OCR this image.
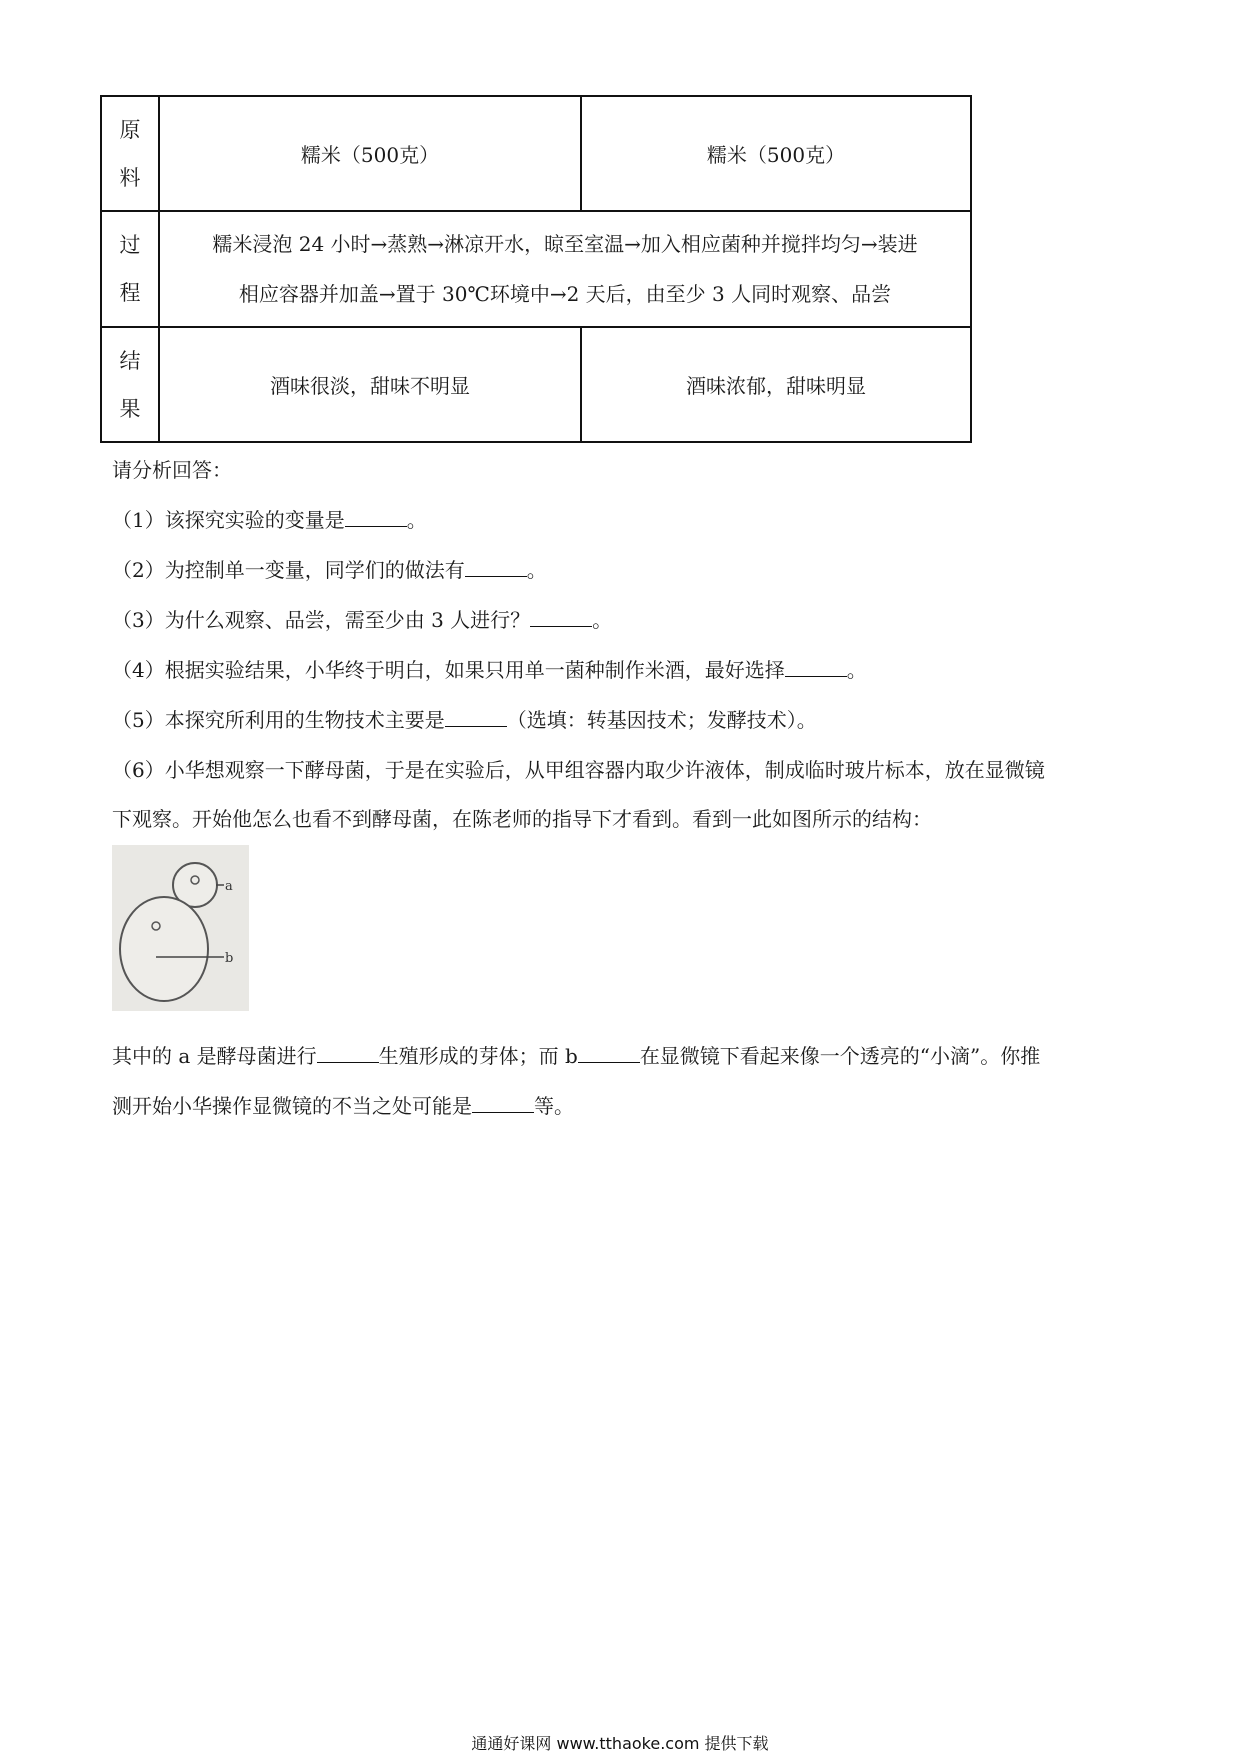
原
料	糯米（500克）	糯米（500克）

过
程	糯米浸泡 24 小时→蒸熟→淋凉开水，晾至室温→加入相应菌种并搅拌均匀→装进
相应容器并加盖→置于 30℃环境中→2 天后，由至少 3 人同时观察、品尝	

结
果	酒味很淡，甜味不明显	酒味浓郁，甜味明显
请分析回答：
（1）该探究实验的变量是	。
（2）为控制单一变量，同学们的做法有	。
（3）为什么观察、品尝，需至少由 3 人进行？	。
（4）根据实验结果，小华终于明白，如果只用单一菌种制作米酒，最好选择	。
（5）本探究所利用的生物技术主要是	（选填：转基因技术；发酵技术）。
（6）小华想观察一下酵母菌，于是在实验后，从甲组容器内取少许液体，制成临时玻片标本，放在显微镜
下观察。开始他怎么也看不到酵母菌，在陈老师的指导下才看到。看到一此如图所示的结构：
a
b
其中的 a 是酵母菌进行	生殖形成的芽体；而 b	在显微镜下看起来像一个透亮的“小滴”。你推
测开始小华操作显微镜的不当之处可能是	等。
通通好课网 www.tthaoke.com 提供下载
